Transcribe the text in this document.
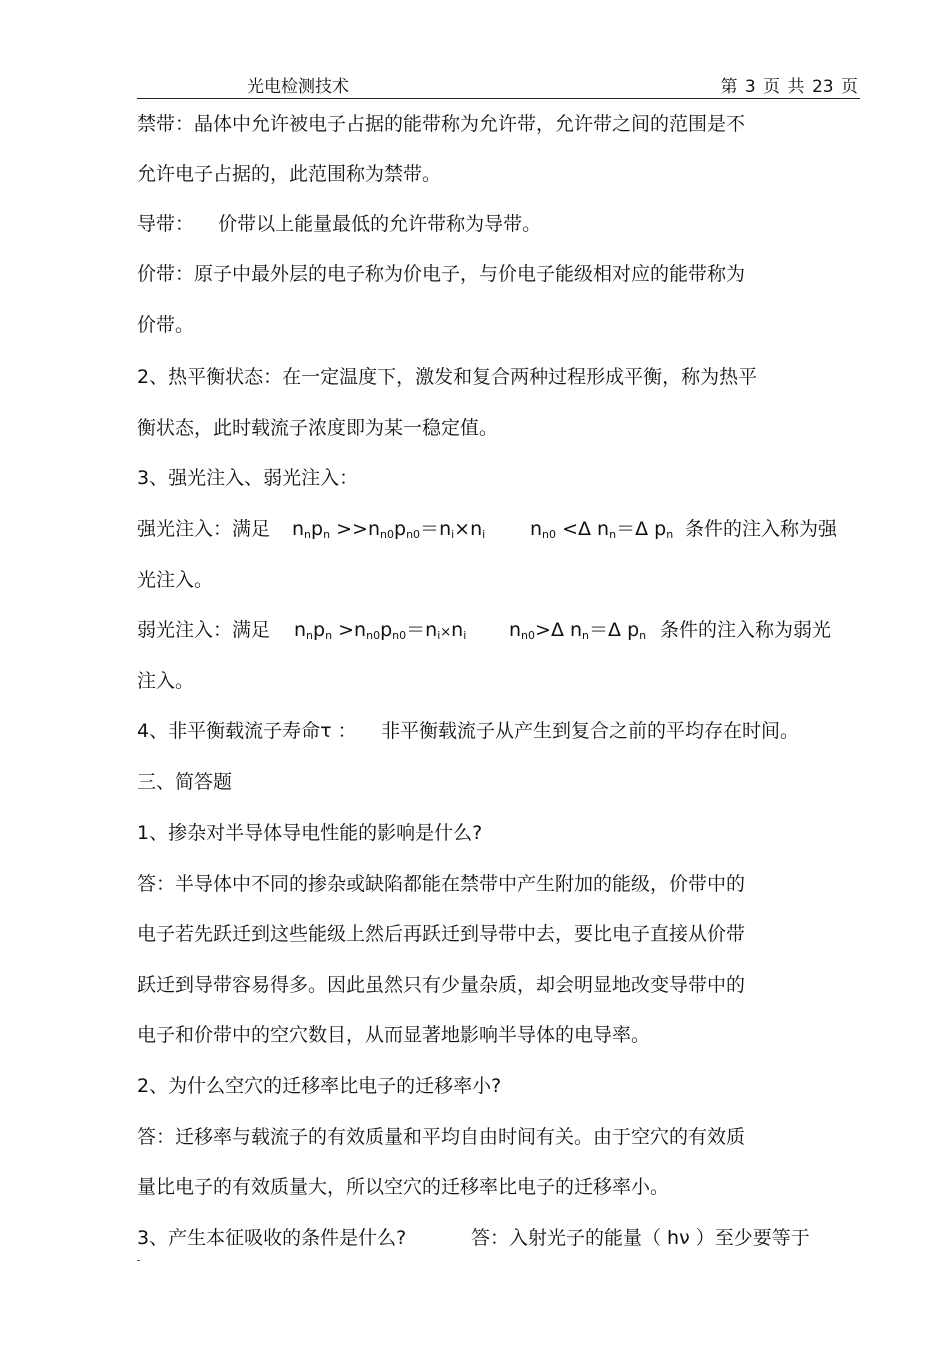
光电检测技术	第 3 页 共 23 页
禁带：晶体中允许被电子占据的能带称为允许带，允许带之间的范围是不
允许电子占据的，此范围称为禁带。
导带：    价带以上能量最低的允许带称为导带。
价带：原子中最外层的电子称为价电子，与价电子能级相对应的能带称为
价带。
2、热平衡状态：在一定温度下，激发和复合两种过程形成平衡，称为热平
衡状态，此时载流子浓度即为某一稳定值。
3、强光注入、弱光注入：
强光注入：满足 $n_np_n >>n_{n0}p_{n0}=n_i\times n_i$ $n_{n0} <\Delta$ $n_n=\Delta$ $p_n$ 条件的注入称为强
光注入。
弱光注入：满足 $n_np_n >n_{n0}p_{n0}=n_i\times n_i$ $n_{n0}>\Delta$ $n_n=\Delta$ $p_n$ 条件的注入称为弱光
注入。
4、非平衡载流子寿命τ ： 非平衡载流子从产生到复合之前的平均存在时间。
三、简答题
1、掺杂对半导体导电性能的影响是什么?
答：半导体中不同的掺杂或缺陷都能在禁带中产生附加的能级，价带中的
电子若先跃迁到这些能级上然后再跃迁到导带中去，要比电子直接从价带
跃迁到导带容易得多。因此虽然只有少量杂质，却会明显地改变导带中的
电子和价带中的空穴数目，从而显著地影响半导体的电导率。
2、为什么空穴的迁移率比电子的迁移率小?
答：迁移率与载流子的有效质量和平均自由时间有关。由于空穴的有效质
量比电子的有效质量大，所以空穴的迁移率比电子的迁移率小。
3、产生本征吸收的条件是什么?	答：入射光子的能量（ hν ）至少要等于
